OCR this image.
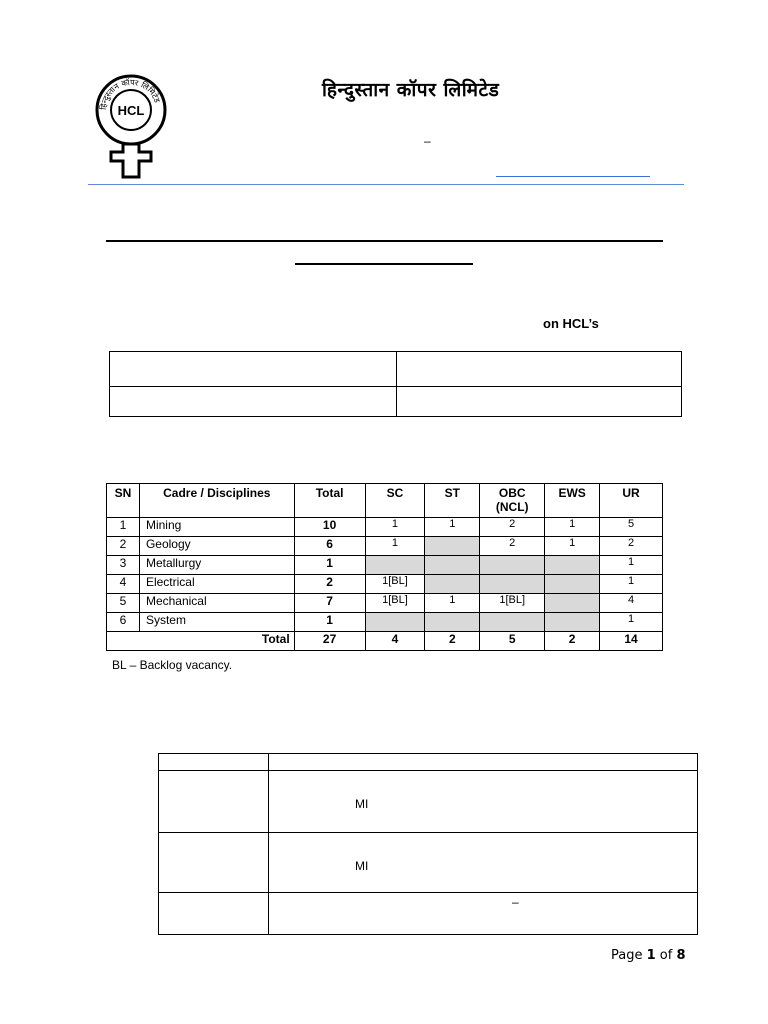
हिन्दुस्तान कॉपर लिमिटेड
HCL
हिन्दुस्तान कॉपर लिमिटेड
–
on HCL’s

SN	Cadre / Disciplines	Total	SC	ST	OBC (NCL)	EWS	UR
1	Mining	10	1	1	2	1	5
2	Geology	6	1		2	1	2
3	Metallurgy	1					1
4	Electrical	2	1[BL]				1
5	Mechanical	7	1[BL]	1	1[BL]		4
6	System	1					1
Total		27	4	2	5	2	14
BL – Backlog vacancy.

	MI

	MI

	–
Page 1 of 8
